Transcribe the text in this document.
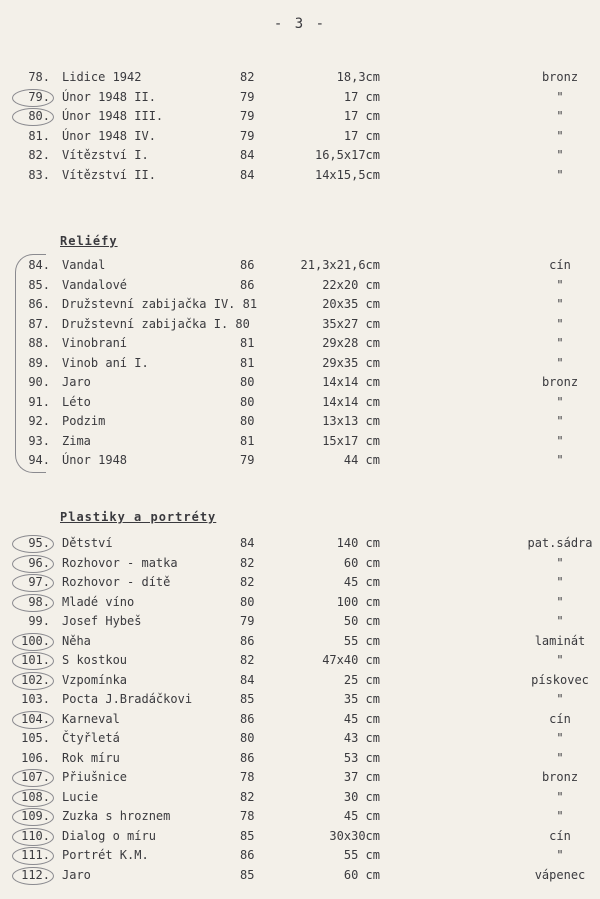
- 3 -
78. Lidice 1942	82	18,3cm	bronz
79. Únor 1948 II.	79	17 cm	"
80. Únor 1948 III.	79	17 cm	"
81. Únor 1948 IV.	79	17 cm	"
82. Vítězství I.	84	16,5x17cm	"
83. Vítězství II.	84	14x15,5cm	"
Reliéfy
84. Vandal	86	21,3x21,6cm	cín
85. Vandalové	86	22x20 cm	"
86. Družstevní zabijačka IV. 81	20x35 cm	"
87. Družstevní zabijačka I. 80	35x27 cm	"
88. Vinobraní	81	29x28 cm	"
89. Vinob aní I.	81	29x35 cm	"
90. Jaro	80	14x14 cm	bronz
91. Léto	80	14x14 cm	"
92. Podzim	80	13x13 cm	"
93. Zima	81	15x17 cm	"
94. Únor 1948	79	44 cm	"
Plastiky a portréty
95. Dětství	84	140 cm	pat.sádra
96. Rozhovor - matka	82	60 cm	"
97. Rozhovor - dítě	82	45 cm	"
98. Mladé víno	80	100 cm	"
99. Josef Hybeš	79	50 cm	"
100. Něha	86	55 cm	laminát
101. S kostkou	82	47x40 cm	"
102. Vzpomínka	84	25 cm	pískovec
103. Pocta J.Bradáčkovi	85	35 cm	"
104. Karneval	86	45 cm	cín
105. Čtyřletá	80	43 cm	"
106. Rok míru	86	53 cm	"
107. Přiušnice	78	37 cm	bronz
108. Lucie	82	30 cm	"
109. Zuzka s hroznem	78	45 cm	"
110. Dialog o míru	85	30x30cm	cín
111. Portrét K.M.	86	55 cm	"
112. Jaro	85	60 cm	vápenec
